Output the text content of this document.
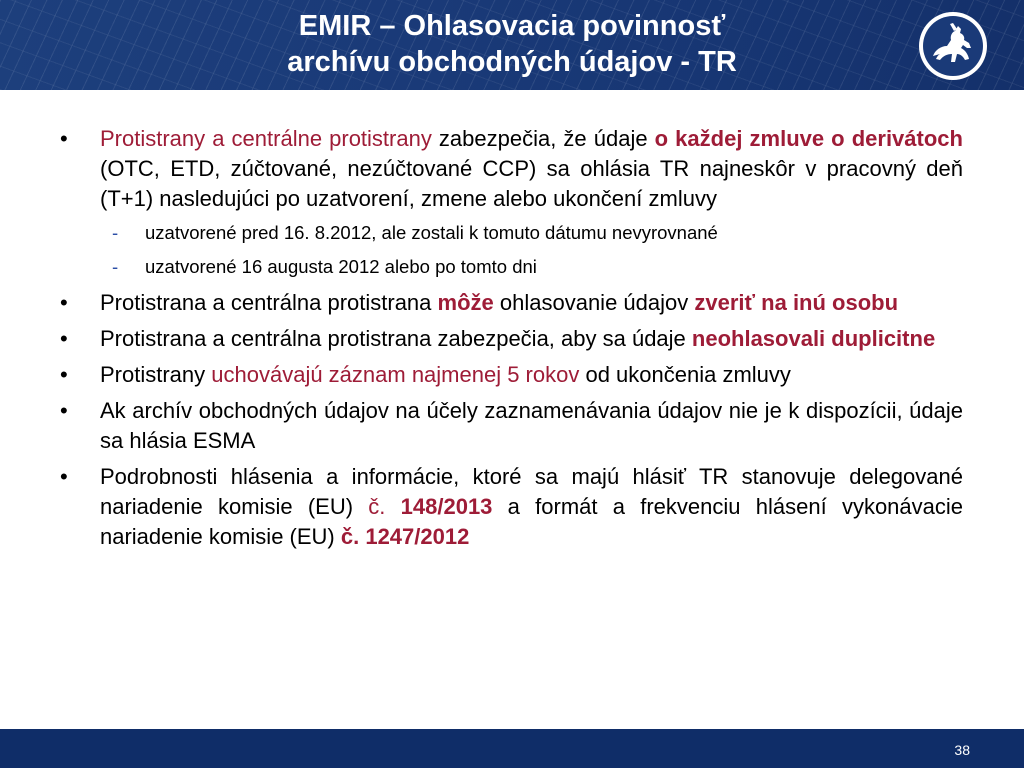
EMIR – Ohlasovacia povinnosť
archívu obchodných údajov - TR
•	Protistrany a centrálne protistrany zabezpečia, že údaje o každej zmluve o derivátoch (OTC, ETD, zúčtované, nezúčtované CCP) sa ohlásia TR najneskôr v pracovný deň (T+1) nasledujúci po uzatvorení, zmene alebo ukončení zmluvy
- uzatvorené pred 16. 8.2012, ale zostali k tomuto dátumu nevyrovnané
- uzatvorené 16 augusta 2012 alebo po tomto dni
•	Protistrana a centrálna protistrana môže ohlasovanie údajov zveriť na inú osobu
•	Protistrana a centrálna protistrana zabezpečia, aby sa údaje neohlasovali duplicitne
•	Protistrany uchovávajú záznam najmenej 5 rokov od ukončenia zmluvy
•	Ak archív obchodných údajov na účely zaznamenávania údajov nie je k dispozícii, údaje sa hlásia ESMA
•	Podrobnosti hlásenia a informácie, ktoré sa majú hlásiť TR stanovuje delegované nariadenie komisie (EU) č. 148/2013 a formát a frekvenciu hlásení vykonávacie nariadenie komisie (EU) č. 1247/2012
38
